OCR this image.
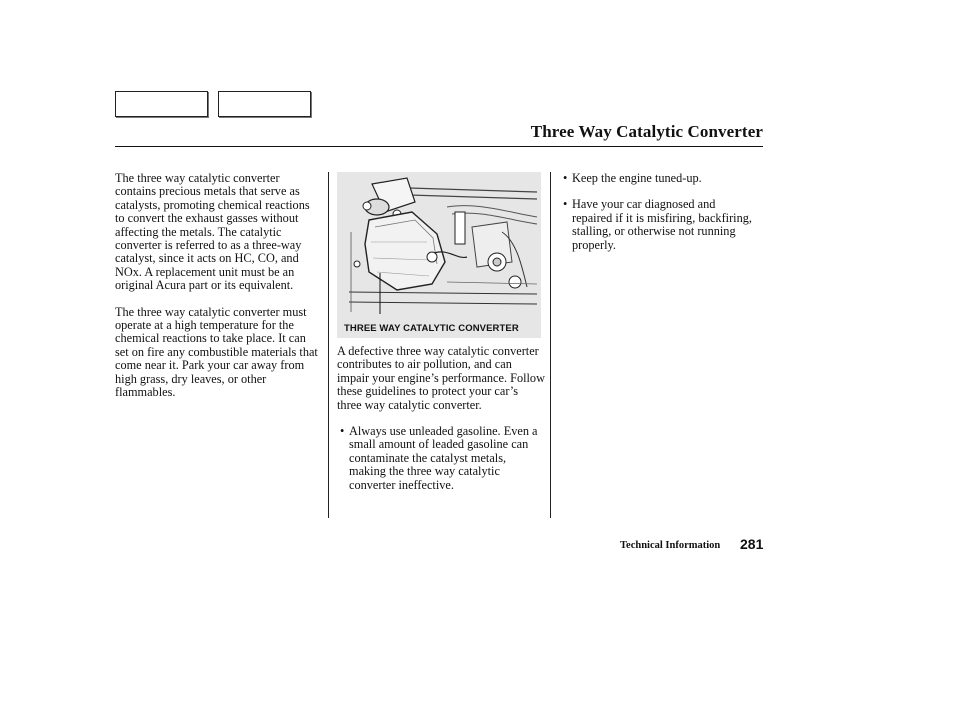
Three Way Catalytic Converter

The three way catalytic converter contains precious metals that serve as catalysts, promoting chemical reactions to convert the exhaust gasses without affecting the metals. The catalytic converter is referred to as a three-way catalyst, since it acts on HC, CO, and NOx. A replacement unit must be an original Acura part or its equivalent.

The three way catalytic converter must operate at a high temperature for the chemical reactions to take place. It can set on fire any combustible materials that come near it. Park your car away from high grass, dry leaves, or other flammables.

THREE WAY CATALYTIC CONVERTER

A defective three way catalytic converter contributes to air pollution, and can impair your engine’s performance. Follow these guidelines to protect your car’s three way catalytic converter.

• Always use unleaded gasoline. Even a small amount of leaded gasoline can contaminate the catalyst metals, making the three way catalytic converter ineffective.
• Keep the engine tuned-up.
• Have your car diagnosed and repaired if it is misfiring, backfiring, stalling, or otherwise not running properly.
Technical Information 281
